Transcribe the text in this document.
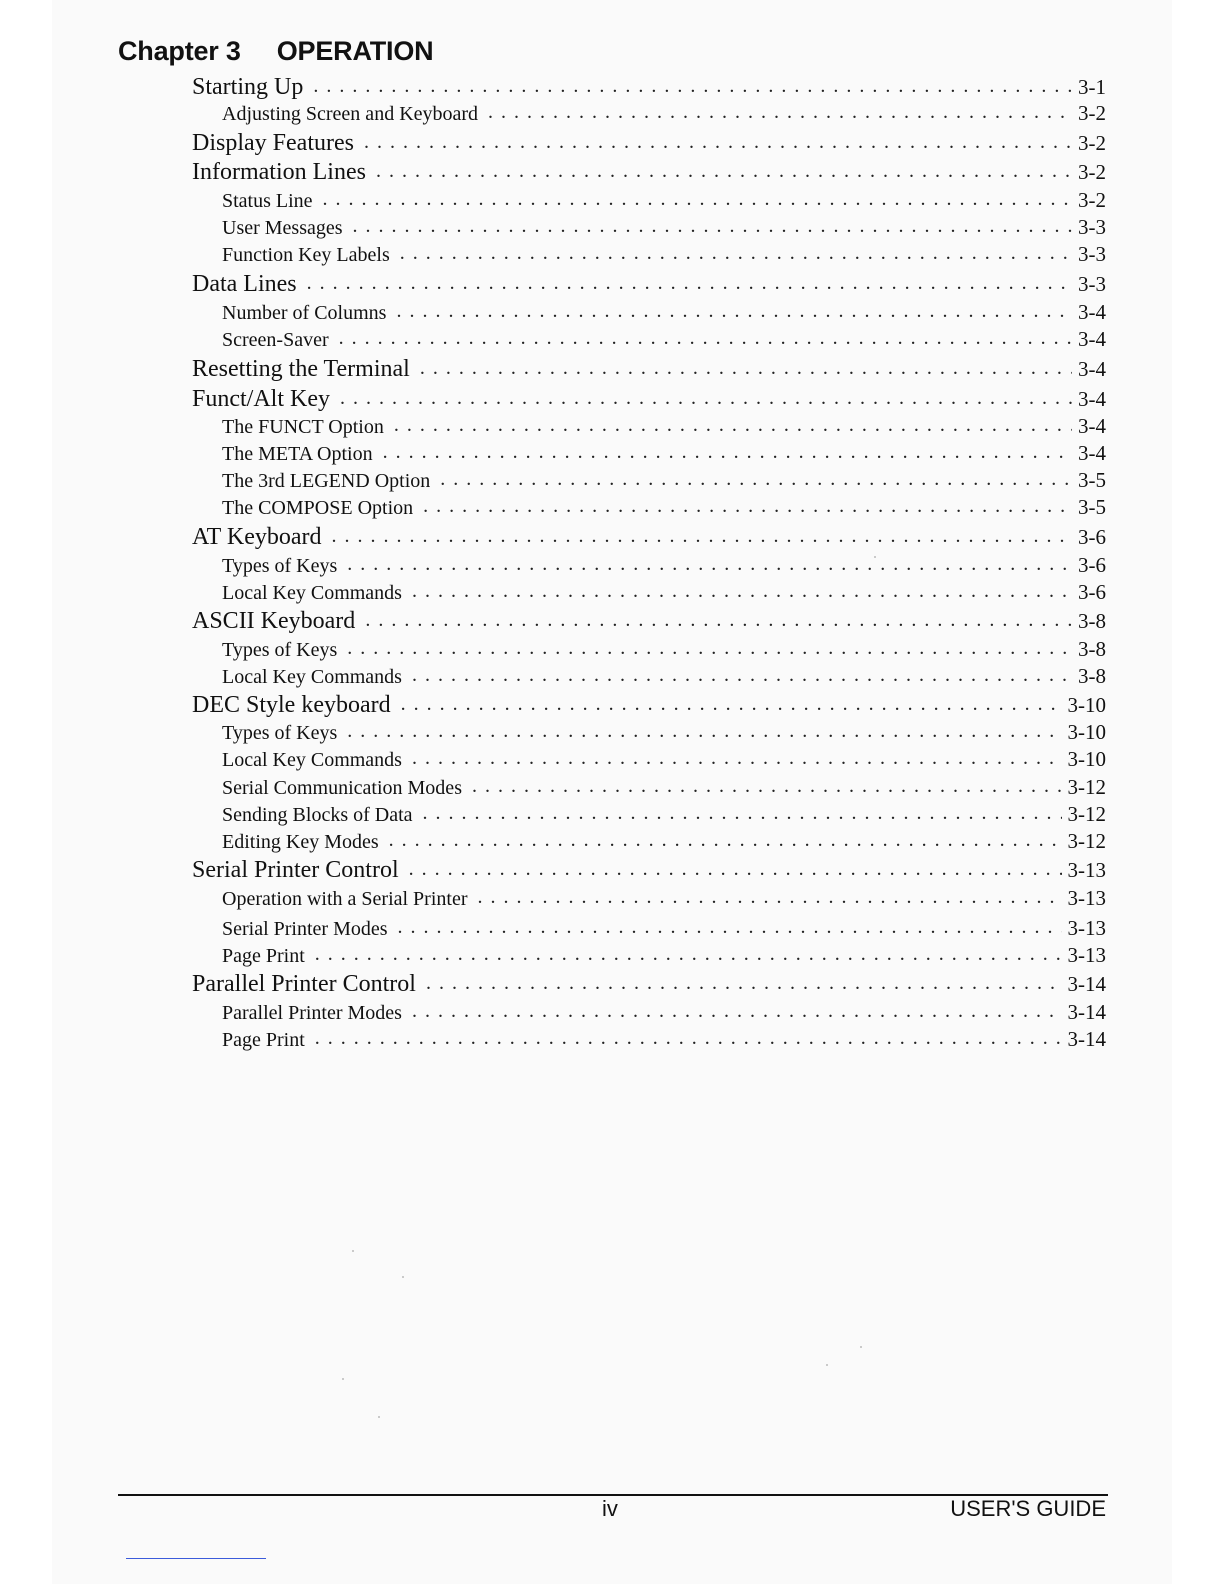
Chapter 3 OPERATION
Starting Up . . .	3-1
Adjusting Screen and Keyboard . . .	3-2
Display Features . . .	3-2
Information Lines . . .	3-2
Status Line . . .	3-2
User Messages . . .	3-3
Function Key Labels . . .	3-3
Data Lines . . .	3-3
Number of Columns . . .	3-4
Screen-Saver . . .	3-4
Resetting the Terminal . . .	3-4
Funct/Alt Key . . .	3-4
The FUNCT Option . . .	3-4
The META Option . . .	3-4
The 3rd LEGEND Option . . .	3-5
The COMPOSE Option . . .	3-5
AT Keyboard . . .	3-6
Types of Keys . . .	3-6
Local Key Commands . . .	3-6
ASCII Keyboard . . .	3-8
Types of Keys . . .	3-8
Local Key Commands . . .	3-8
DEC Style keyboard . . .	3-10
Types of Keys . . .	3-10
Local Key Commands . . .	3-10
Serial Communication Modes . . .	3-12
Sending Blocks of Data . . .	3-12
Editing Key Modes . . .	3-12
Serial Printer Control . . .	3-13
Operation with a Serial Printer . . .	3-13
Serial Printer Modes . . .	3-13
Page Print . . .	3-13
Parallel Printer Control . . .	3-14
Parallel Printer Modes . . .	3-14
Page Print . . .	3-14
iv	USER'S GUIDE
